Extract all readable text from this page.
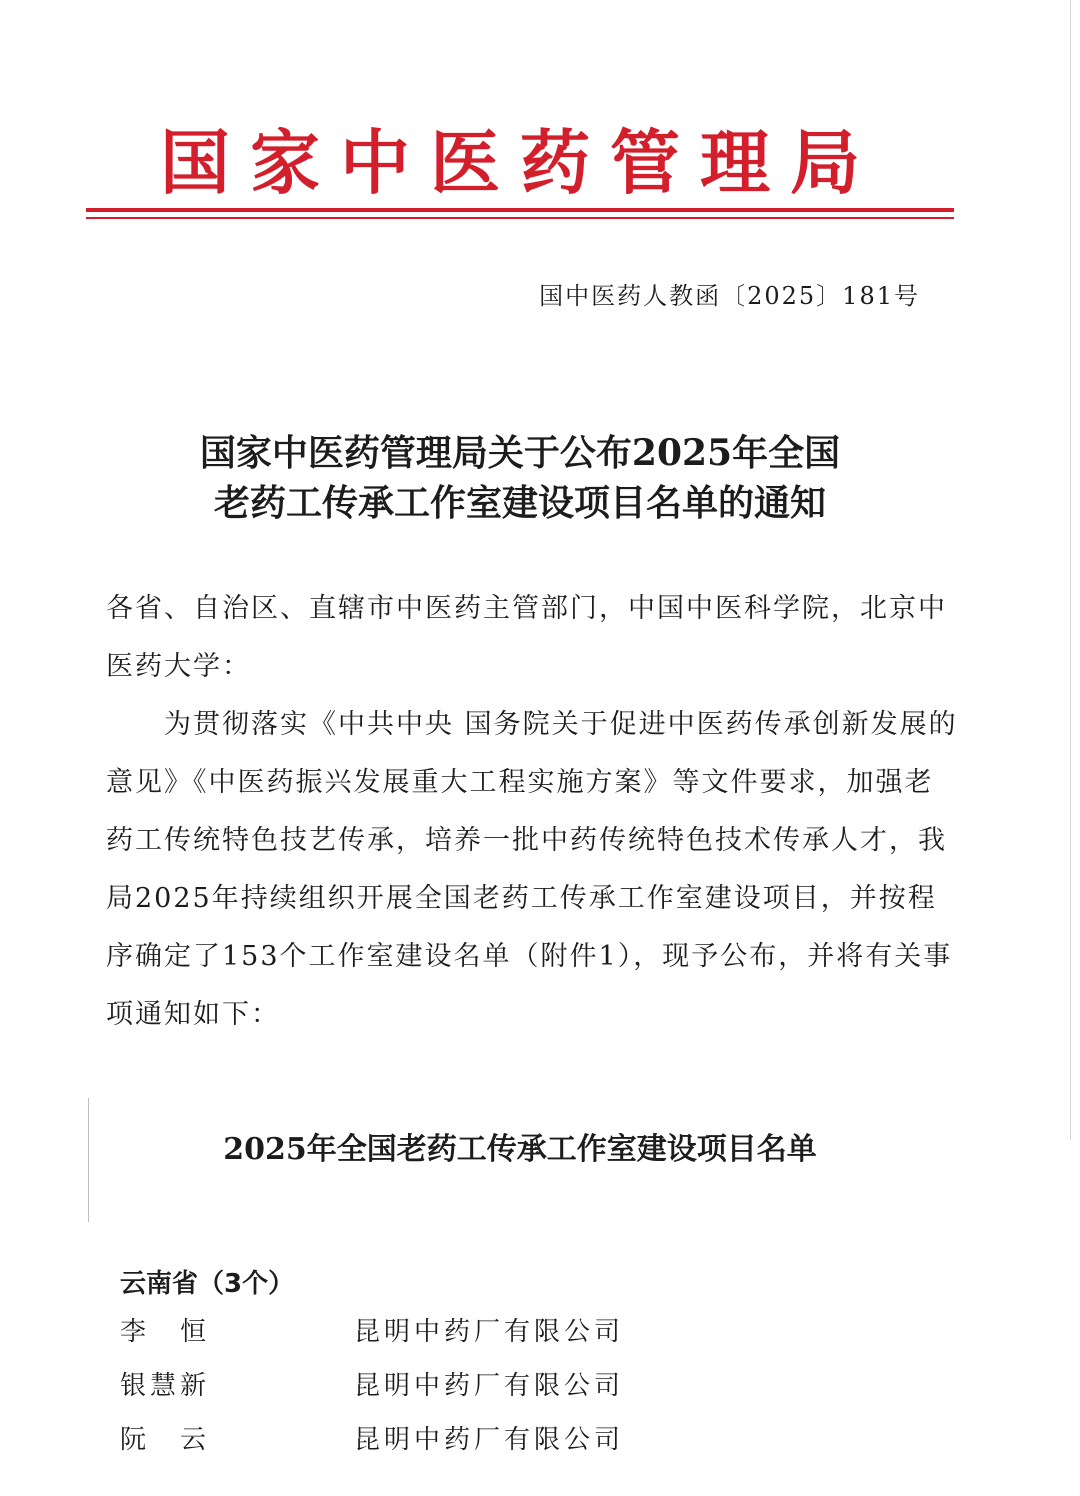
国家中医药管理局
国中医药人教函〔2025〕181号
国家中医药管理局关于公布2025年全国
老药工传承工作室建设项目名单的通知

各省、自治区、直辖市中医药主管部门，中国中医科学院，北京中医药大学：

为贯彻落实《中共中央 国务院关于促进中医药传承创新发展的意见》《中医药振兴发展重大工程实施方案》等文件要求，加强老药工传统特色技艺传承，培养一批中药传统特色技术传承人才，我局2025年持续组织开展全国老药工传承工作室建设项目，并按程序确定了153个工作室建设名单（附件1），现予公布，并将有关事项通知如下：

2025年全国老药工传承工作室建设项目名单
云南省（3个）
李　恒	昆明中药厂有限公司
银慧新	昆明中药厂有限公司
阮　云	昆明中药厂有限公司
